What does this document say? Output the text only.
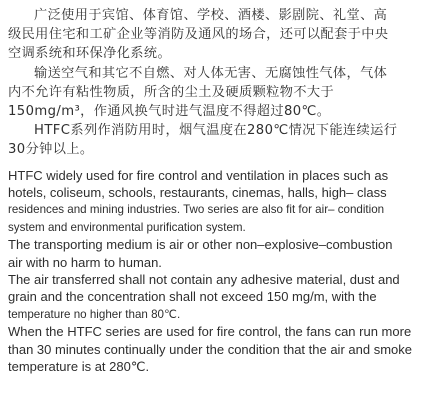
广泛使用于宾馆、体育馆、学校、酒楼、影剧院、礼堂、高
级民用住宅和工矿企业等消防及通风的场合，还可以配套于中央
空调系统和环保净化系统。

输送空气和其它不自燃、对人体无害、无腐蚀性气体，气体
内不允许有粘性物质，所含的尘土及硬质颗粒物不大于
150mg/m³，作通风换气时进气温度不得超过80℃。

HTFC系列作消防用时，烟气温度在280℃情况下能连续运行
30分钟以上。

HTFC widely used for fire control and ventilation in places such as
hotels, coliseum, schools, restaurants, cinemas, halls, high– class
residences and mining industries. Two series are also fit for air– condition
system and environmental purification system.

The transporting medium is air or other non–explosive–combustion
air with no harm to human.

The air transferred shall not contain any adhesive material, dust and
grain and the concentration shall not exceed 150 mg/m, with the
temperature no higher than 80℃.

When the HTFC series are used for fire control, the fans can run more
than 30 minutes continually under the condition that the air and smoke
temperature is at 280℃.
